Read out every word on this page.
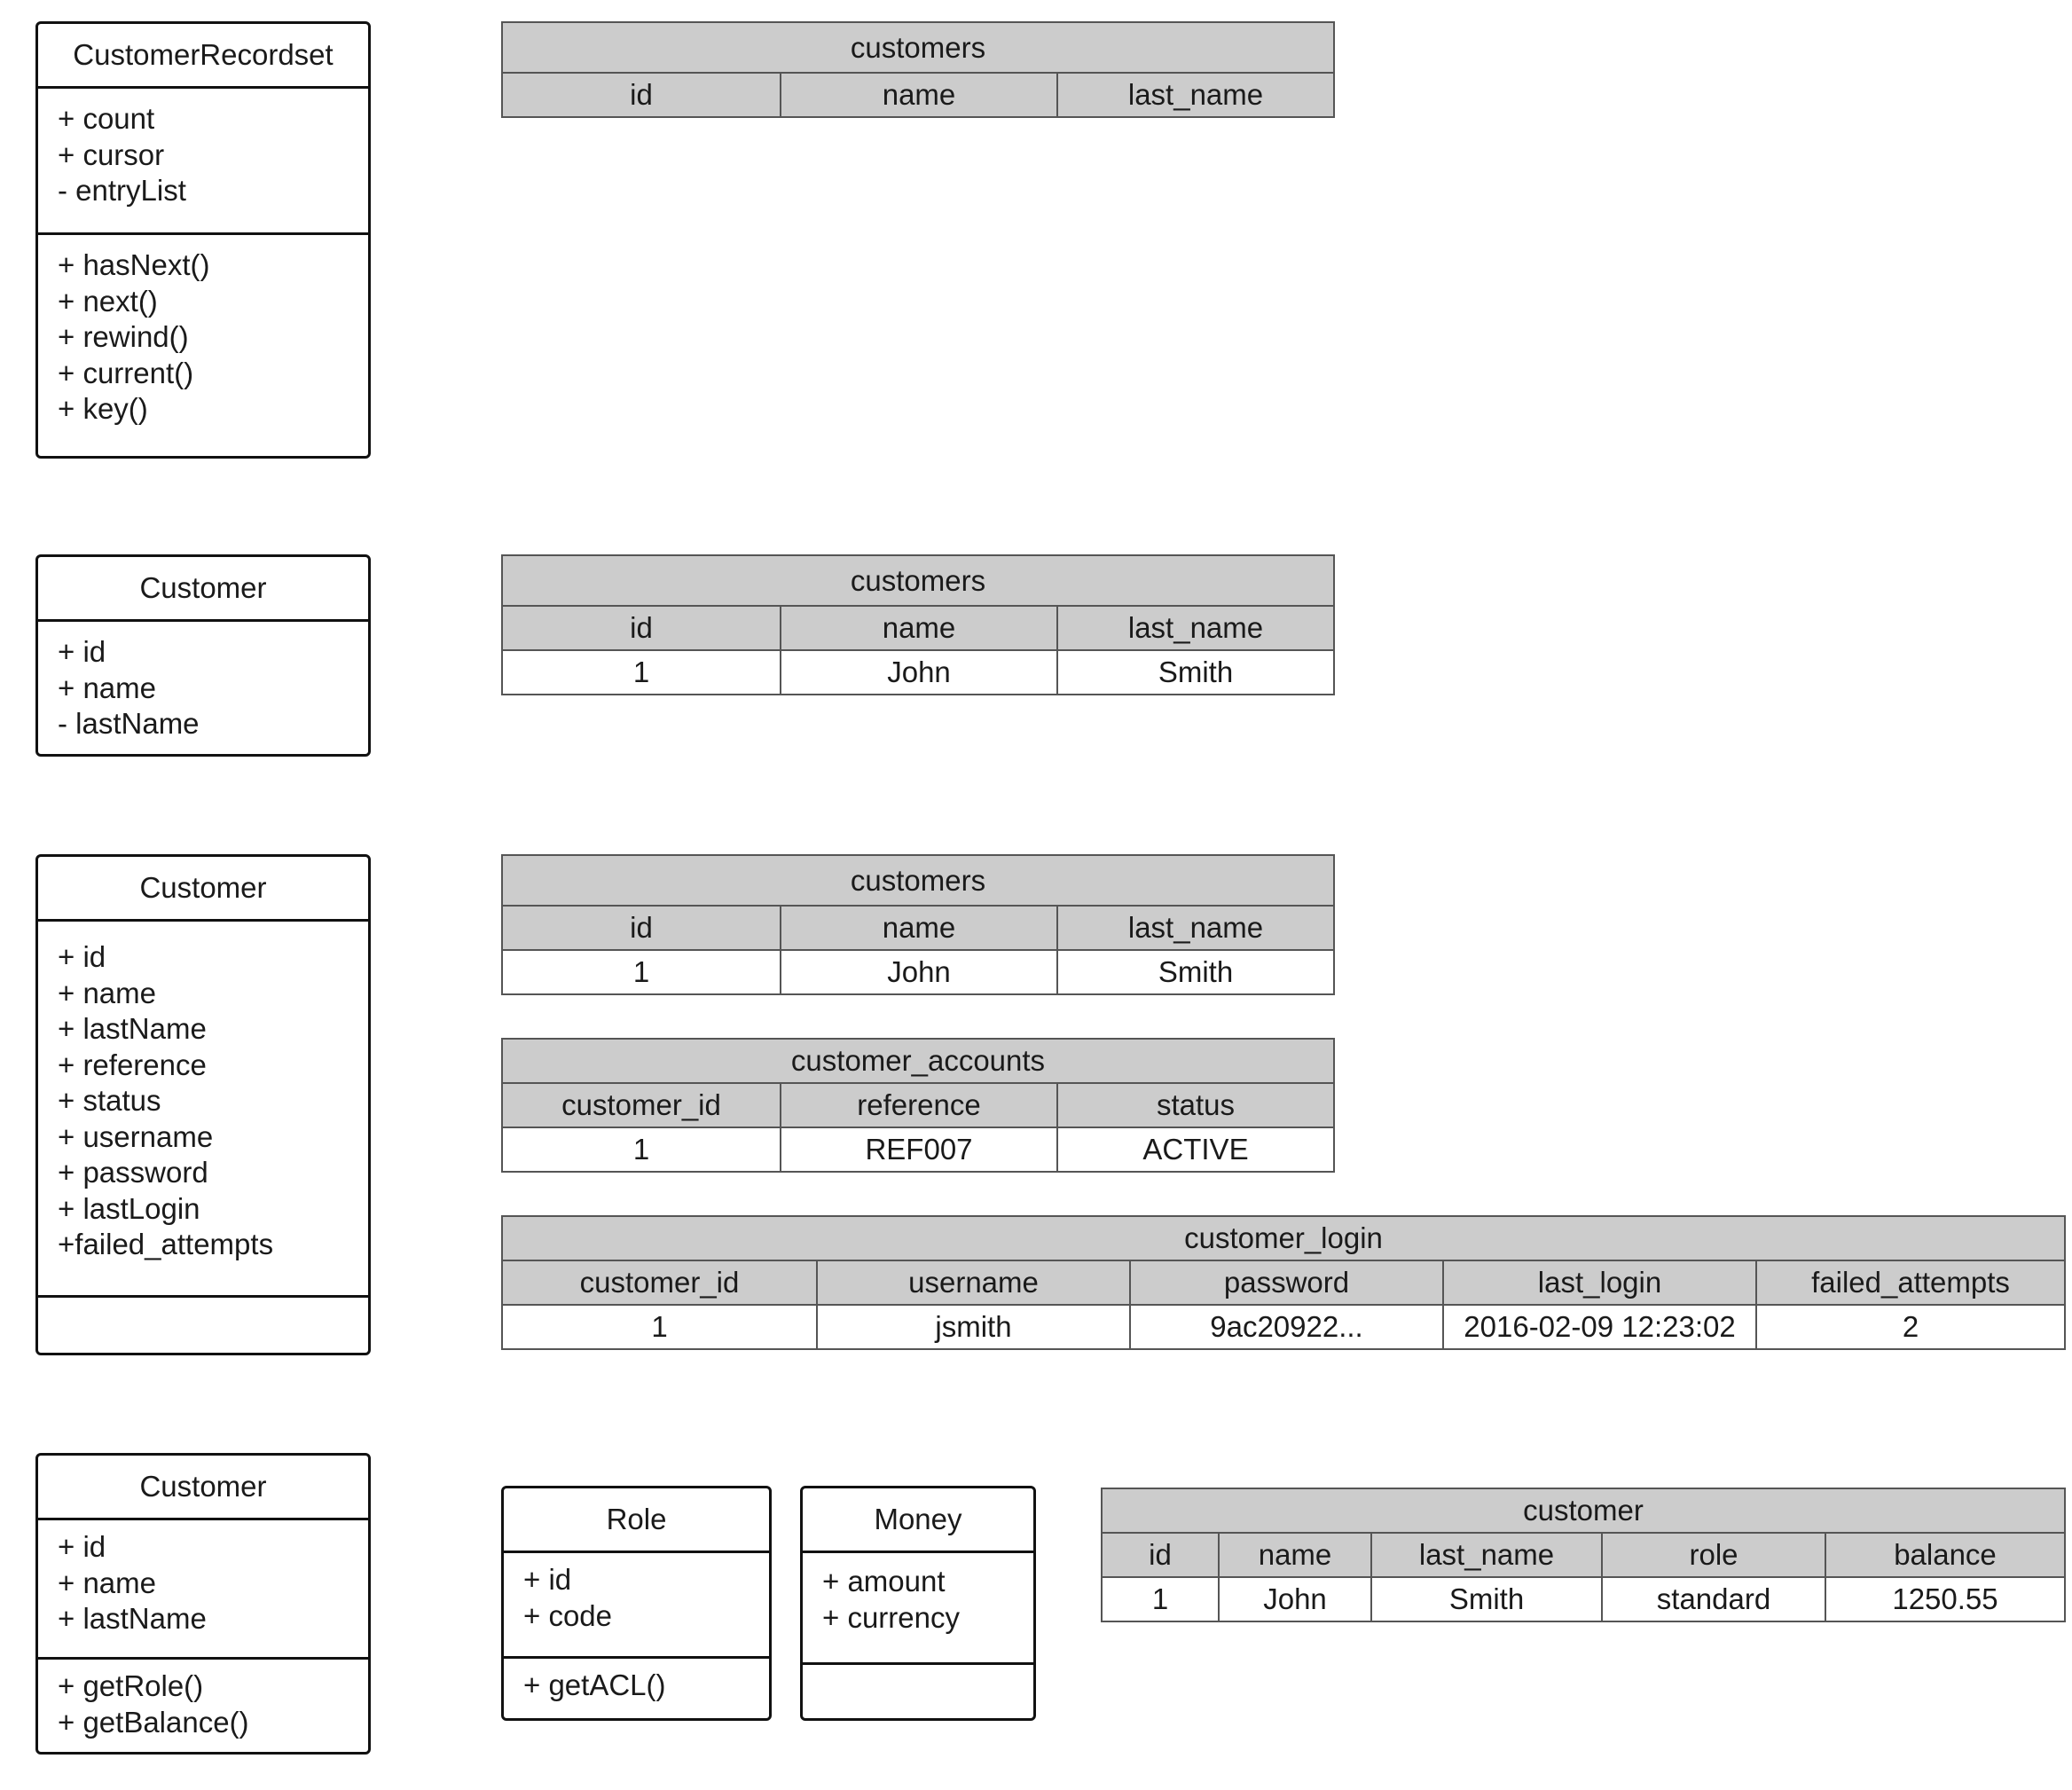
CustomerRecordset
+ count
+ cursor
- entryList
+ hasNext()
+ next()
+ rewind()
+ current()
+ key()
Customer
+ id
+ name
- lastName
Customer
+ id
+ name
+ lastName
+ reference
+ status
+ username
+ password
+ lastLogin
+failed_attempts
Customer
+ id
+ name
+ lastName
+ getRole()
+ getBalance()
Role
+ id
+ code
+ getACL()
Money
+ amount
+ currency
customers
id	name	last_name
customers
id	name	last_name
1	John	Smith
customers
id	name	last_name
1	John	Smith
customer_accounts
customer_id	reference	status
1	REF007	ACTIVE
customer_login
customer_id	username	password	last_login	failed_attempts
1	jsmith	9ac20922...	2016-02-09 12:23:02	2
customer
id	name	last_name	role	balance
1	John	Smith	standard	1250.55
